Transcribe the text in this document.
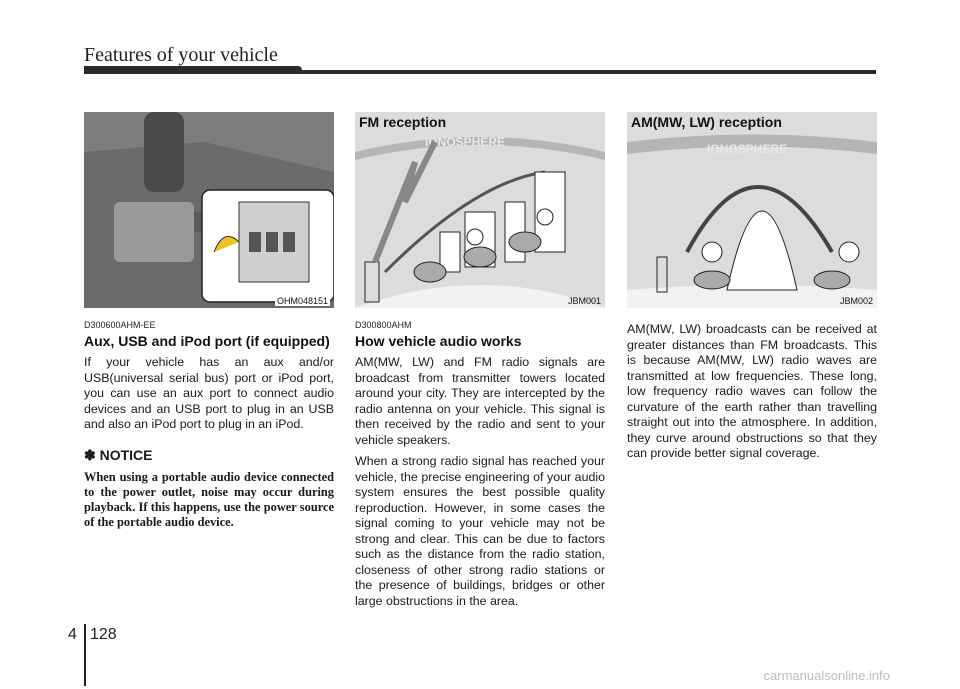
Features of your vehicle
OHM048151
D300600AHM-EE
Aux, USB and iPod port (if equipped)

If your vehicle has an aux and/or USB(universal serial bus) port or iPod port, you can use an aux port to connect audio devices and an USB port to plug in an USB and also an iPod port to plug in an iPod.

✽ NOTICE
When using a portable audio device connected to the power outlet, noise may occur during playback. If this happens, use the power source of the portable audio device.
IONOSPHERE
FM reception
JBM001
D300800AHM
How vehicle audio works

AM(MW, LW) and FM radio signals are broadcast from transmitter towers located around your city. They are intercepted by the radio antenna on your vehicle. This signal is then received by the radio and sent to your vehicle speakers.

When a strong radio signal has reached your vehicle, the precise engineering of your audio system ensures the best possible quality reproduction. However, in some cases the signal coming to your vehicle may not be strong and clear. This can be due to factors such as the distance from the radio station, closeness of other strong radio stations or the presence of buildings, bridges or other large obstructions in the area.

IONOSPHERE
AM(MW, LW) reception
JBM002

AM(MW, LW) broadcasts can be received at greater distances than FM broadcasts. This is because AM(MW, LW) radio waves are transmitted at low frequencies. These long, low frequency radio waves can follow the curvature of the earth rather than travelling straight out into the atmosphere. In addition, they curve around obstructions so that they can provide better signal coverage.

4 128
carmanualsonline.info
